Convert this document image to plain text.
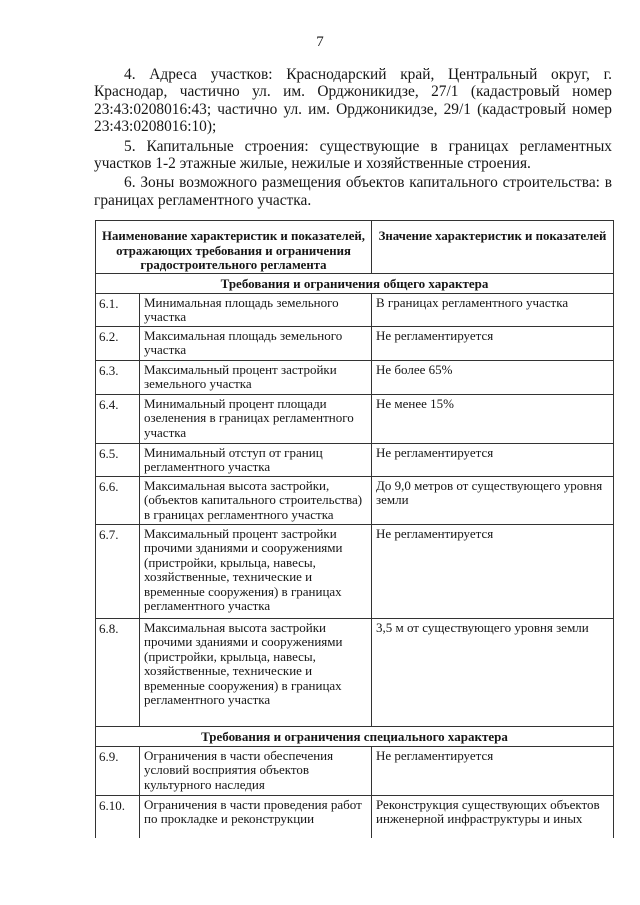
7

4. Адреса участков: Краснодарский край, Центральный округ, г. Краснодар, частично ул. им. Орджоникидзе, 27/1 (кадастровый номер 23:43:0208016:43; частично ул. им. Орджоникидзе, 29/1 (кадастровый номер 23:43:0208016:10);

5. Капитальные строения: существующие в границах регламентных участков 1-2 этажные жилые, нежилые и хозяйственные строения.

6. Зоны возможного размещения объектов капитального строительства: в границах регламентного участка.

Наименование характеристик и показателей, отражающих требования и ограничения градостроительного регламента		Значение характеристик и показателей
Требования и ограничения общего характера		
6.1.	Минимальная площадь земельного участка	В границах регламентного участка
6.2.	Максимальная площадь земельного участка	Не регламентируется
6.3.	Максимальный процент застройки земельного участка	Не более 65%
6.4.	Минимальный процент площади озеленения в границах регламентного участка	Не менее 15%
6.5.	Минимальный отступ от границ регламентного участка	Не регламентируется
6.6.	Максимальная высота застройки, (объектов капитального строительства) в границах регламентного участка	До 9,0 метров от существующего уровня земли
6.7.	Максимальный процент застройки прочими зданиями и сооружениями (пристройки, крыльца, навесы, хозяйственные, технические и временные сооружения) в границах регламентного участка	Не регламентируется
6.8.	Максимальная высота застройки прочими зданиями и сооружениями (пристройки, крыльца, навесы, хозяйственные, технические и временные сооружения) в границах регламентного участка	3,5 м от существующего уровня земли
Требования и ограничения специального характера		
6.9.	Ограничения в части обеспечения условий восприятия объектов культурного наследия	Не регламентируется
6.10.	Ограничения в части проведения работ по прокладке и реконструкции	Реконструкция существующих объектов инженерной инфраструктуры и иных
